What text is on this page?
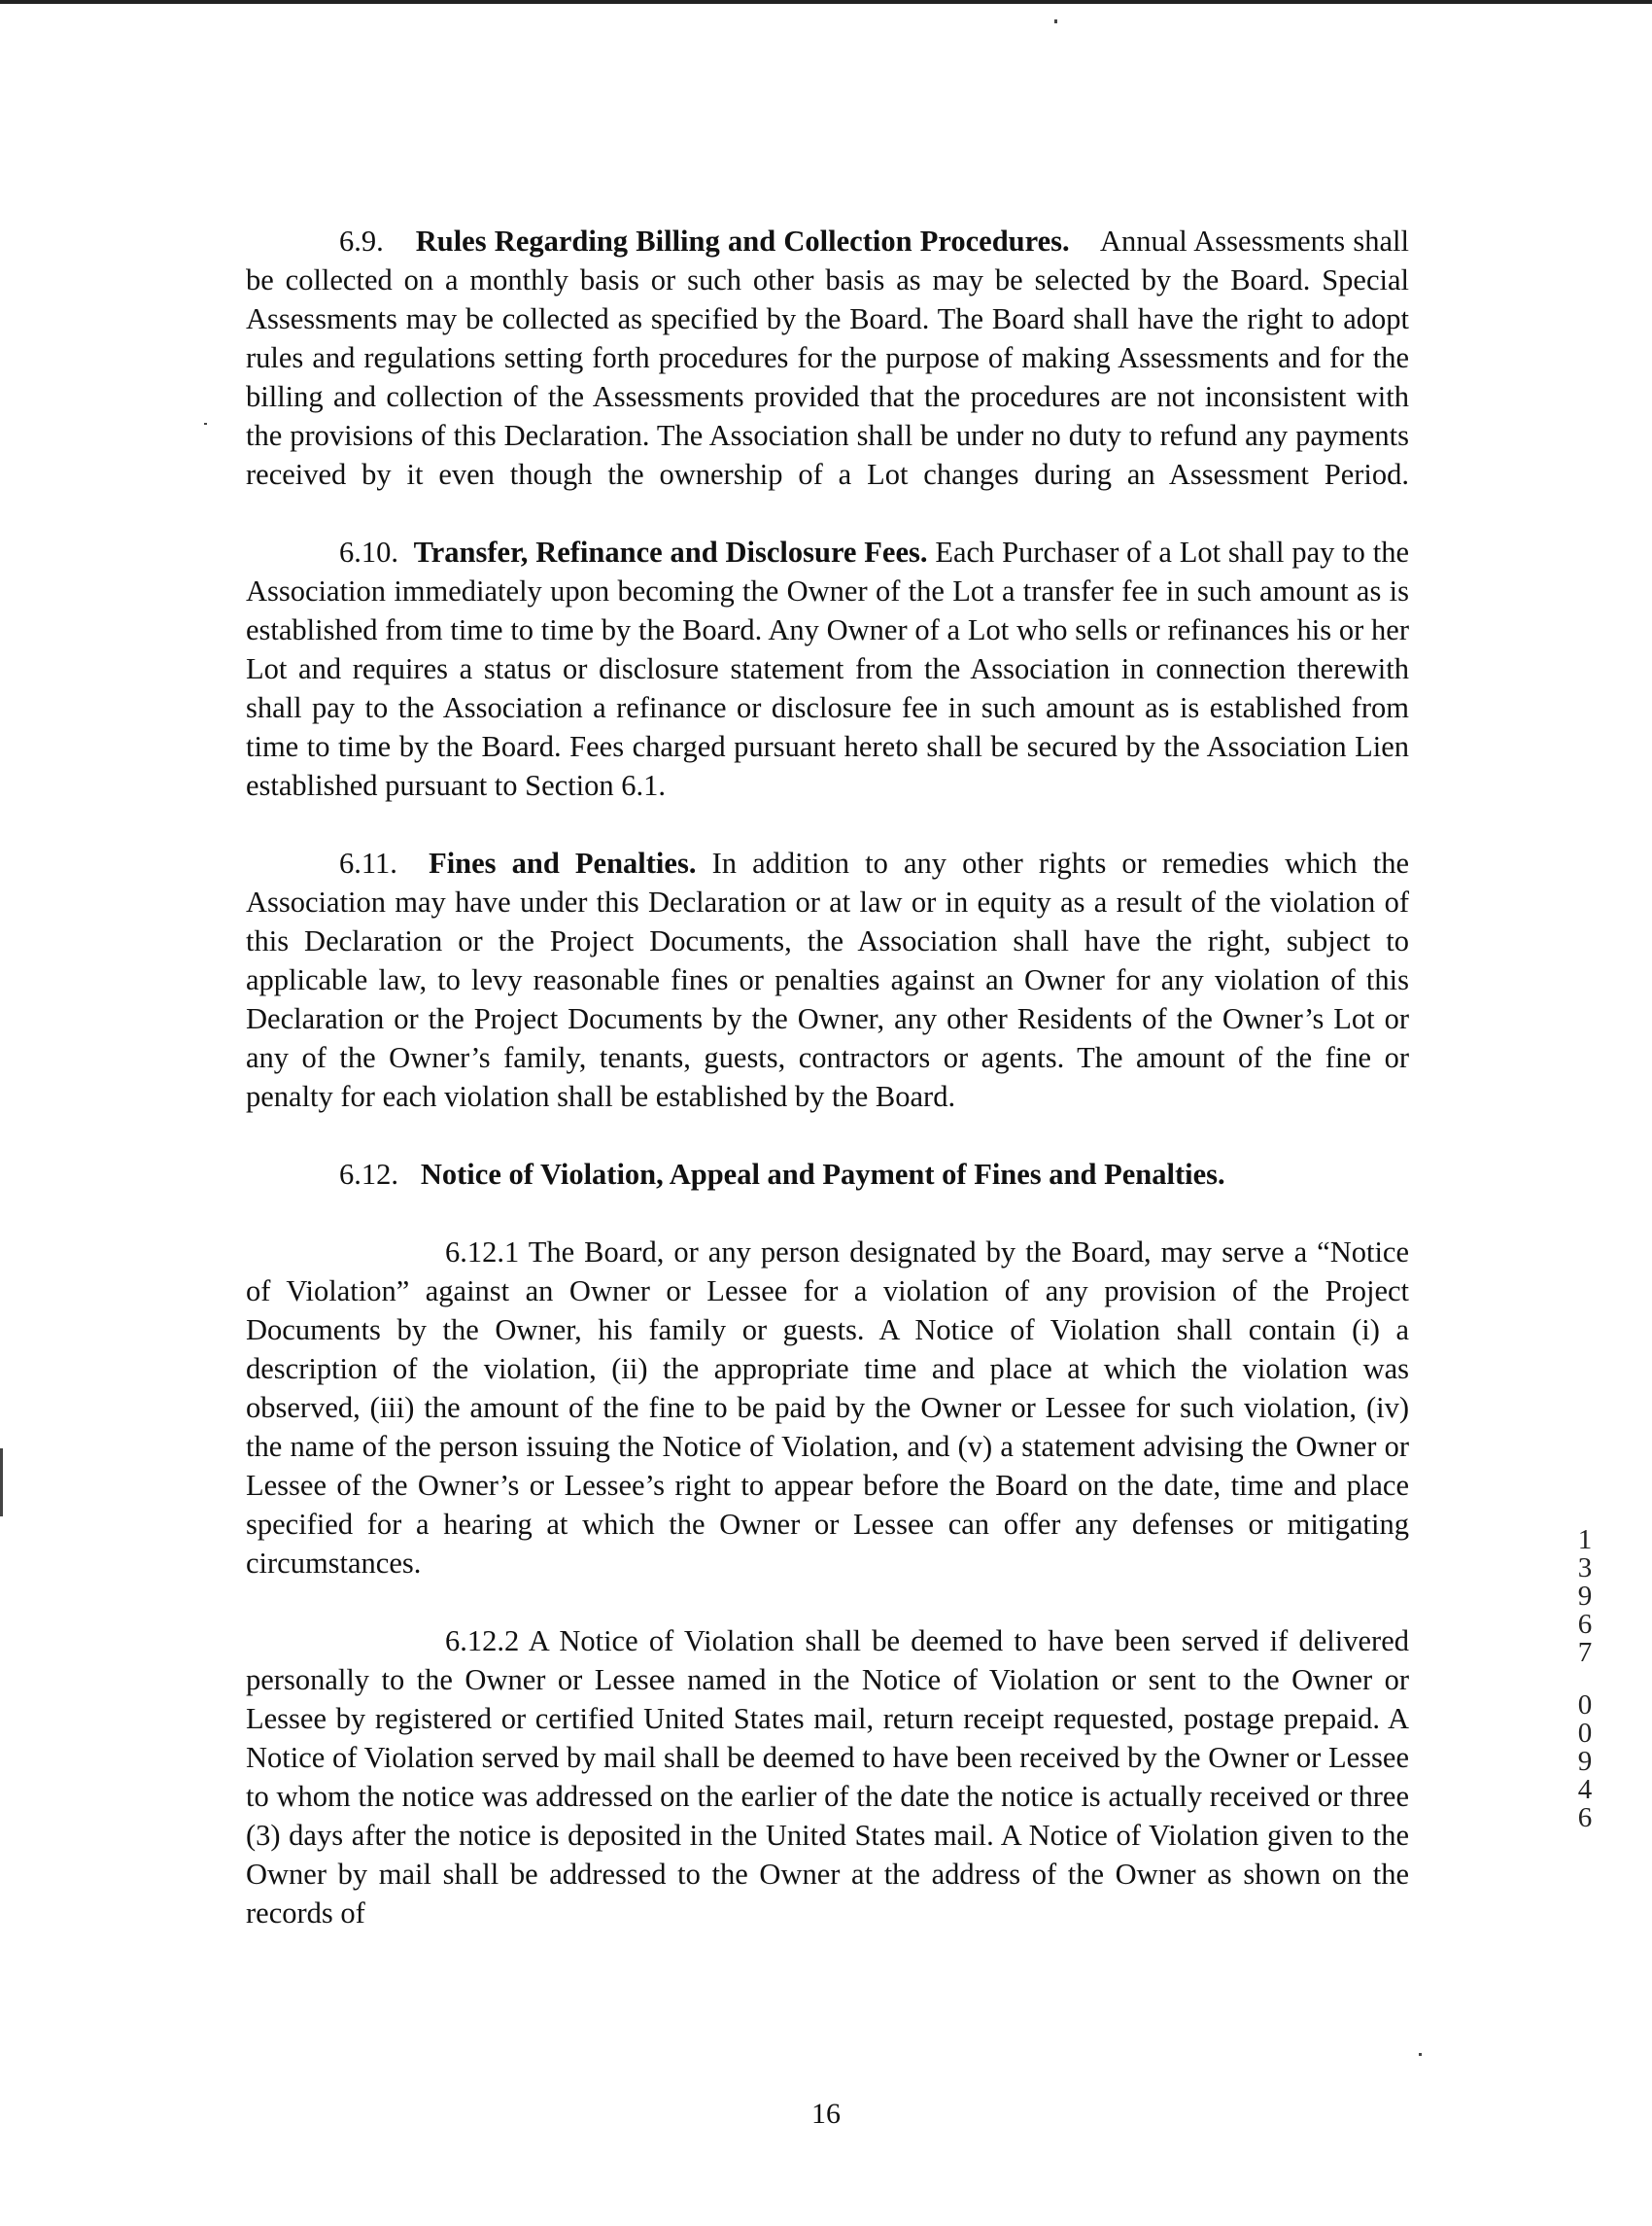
6.9. Rules Regarding Billing and Collection Procedures. Annual Assessments shall be collected on a monthly basis or such other basis as may be selected by the Board. Special Assessments may be collected as specified by the Board. The Board shall have the right to adopt rules and regulations setting forth procedures for the purpose of making Assessments and for the billing and collection of the Assessments provided that the procedures are not inconsistent with the provisions of this Declaration. The Association shall be under no duty to refund any payments received by it even though the ownership of a Lot changes during an Assessment Period.

6.10. Transfer, Refinance and Disclosure Fees. Each Purchaser of a Lot shall pay to the Association immediately upon becoming the Owner of the Lot a transfer fee in such amount as is established from time to time by the Board. Any Owner of a Lot who sells or refinances his or her Lot and requires a status or disclosure statement from the Association in connection therewith shall pay to the Association a refinance or disclosure fee in such amount as is established from time to time by the Board. Fees charged pursuant hereto shall be secured by the Association Lien established pursuant to Section 6.1.

6.11. Fines and Penalties. In addition to any other rights or remedies which the Association may have under this Declaration or at law or in equity as a result of the violation of this Declaration or the Project Documents, the Association shall have the right, subject to applicable law, to levy reasonable fines or penalties against an Owner for any violation of this Declaration or the Project Documents by the Owner, any other Residents of the Owner’s Lot or any of the Owner’s family, tenants, guests, contractors or agents. The amount of the fine or penalty for each violation shall be established by the Board.

6.12. Notice of Violation, Appeal and Payment of Fines and Penalties.

6.12.1 The Board, or any person designated by the Board, may serve a “Notice of Violation” against an Owner or Lessee for a violation of any provision of the Project Documents by the Owner, his family or guests. A Notice of Violation shall contain (i) a description of the violation, (ii) the appropriate time and place at which the violation was observed, (iii) the amount of the fine to be paid by the Owner or Lessee for such violation, (iv) the name of the person issuing the Notice of Violation, and (v) a statement advising the Owner or Lessee of the Owner’s or Lessee’s right to appear before the Board on the date, time and place specified for a hearing at which the Owner or Lessee can offer any defenses or mitigating circumstances.

6.12.2 A Notice of Violation shall be deemed to have been served if delivered personally to the Owner or Lessee named in the Notice of Violation or sent to the Owner or Lessee by registered or certified United States mail, return receipt requested, postage prepaid. A Notice of Violation served by mail shall be deemed to have been received by the Owner or Lessee to whom the notice was addressed on the earlier of the date the notice is actually received or three (3) days after the notice is deposited in the United States mail. A Notice of Violation given to the Owner by mail shall be addressed to the Owner at the address of the Owner as shown on the records of

1
3
9
6
7
0
0
9
4
6
16
